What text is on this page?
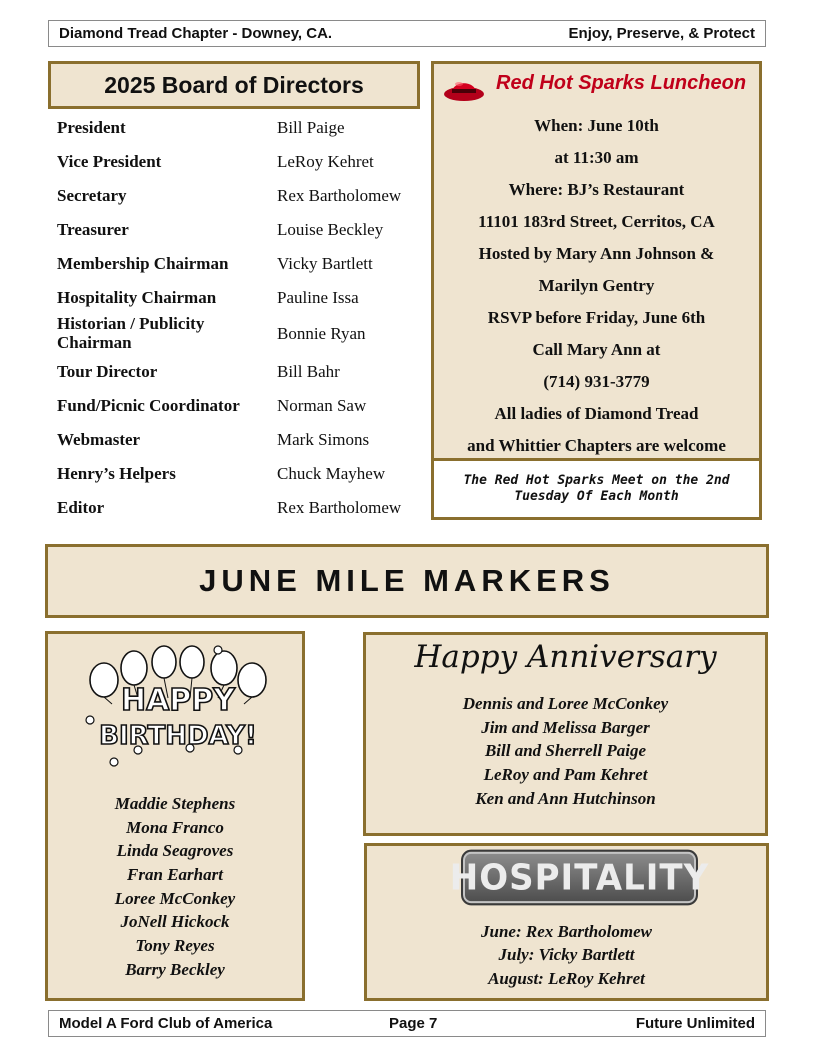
Diamond Tread Chapter - Downey, CA.	Enjoy, Preserve, & Protect
2025 Board of Directors
President	Bill Paige
Vice President	LeRoy Kehret
Secretary	Rex Bartholomew
Treasurer	Louise Beckley
Membership Chairman	Vicky Bartlett
Hospitality Chairman	Pauline Issa
Historian / Publicity Chairman	Bonnie Ryan
Tour Director	Bill Bahr
Fund/Picnic Coordinator	Norman Saw
Webmaster	Mark Simons
Henry’s Helpers	Chuck Mayhew
Editor	Rex Bartholomew
Red Hot Sparks Luncheon
When: June 10th
at 11:30 am
Where: BJ’s Restaurant
11101 183rd Street, Cerritos, CA
Hosted by Mary Ann Johnson &
Marilyn Gentry
RSVP before Friday, June 6th
Call Mary Ann at
(714) 931-3779
All ladies of Diamond Tread
and Whittier Chapters are welcome
The Red Hot Sparks Meet on the 2nd Tuesday Of Each Month
JUNE MILE MARKERS
HAPPY
BIRTHDAY!
Maddie Stephens
Mona Franco
Linda Seagroves
Fran Earhart
Loree McConkey
JoNell Hickock
Tony Reyes
Barry Beckley
Happy Anniversary
Dennis and Loree McConkey
Jim and Melissa Barger
Bill and Sherrell Paige
LeRoy and Pam Kehret
Ken and Ann Hutchinson
HOSPITALITY
June: Rex Bartholomew
July: Vicky Bartlett
August: LeRoy Kehret
Model A Ford Club of America	Page 7	Future Unlimited
